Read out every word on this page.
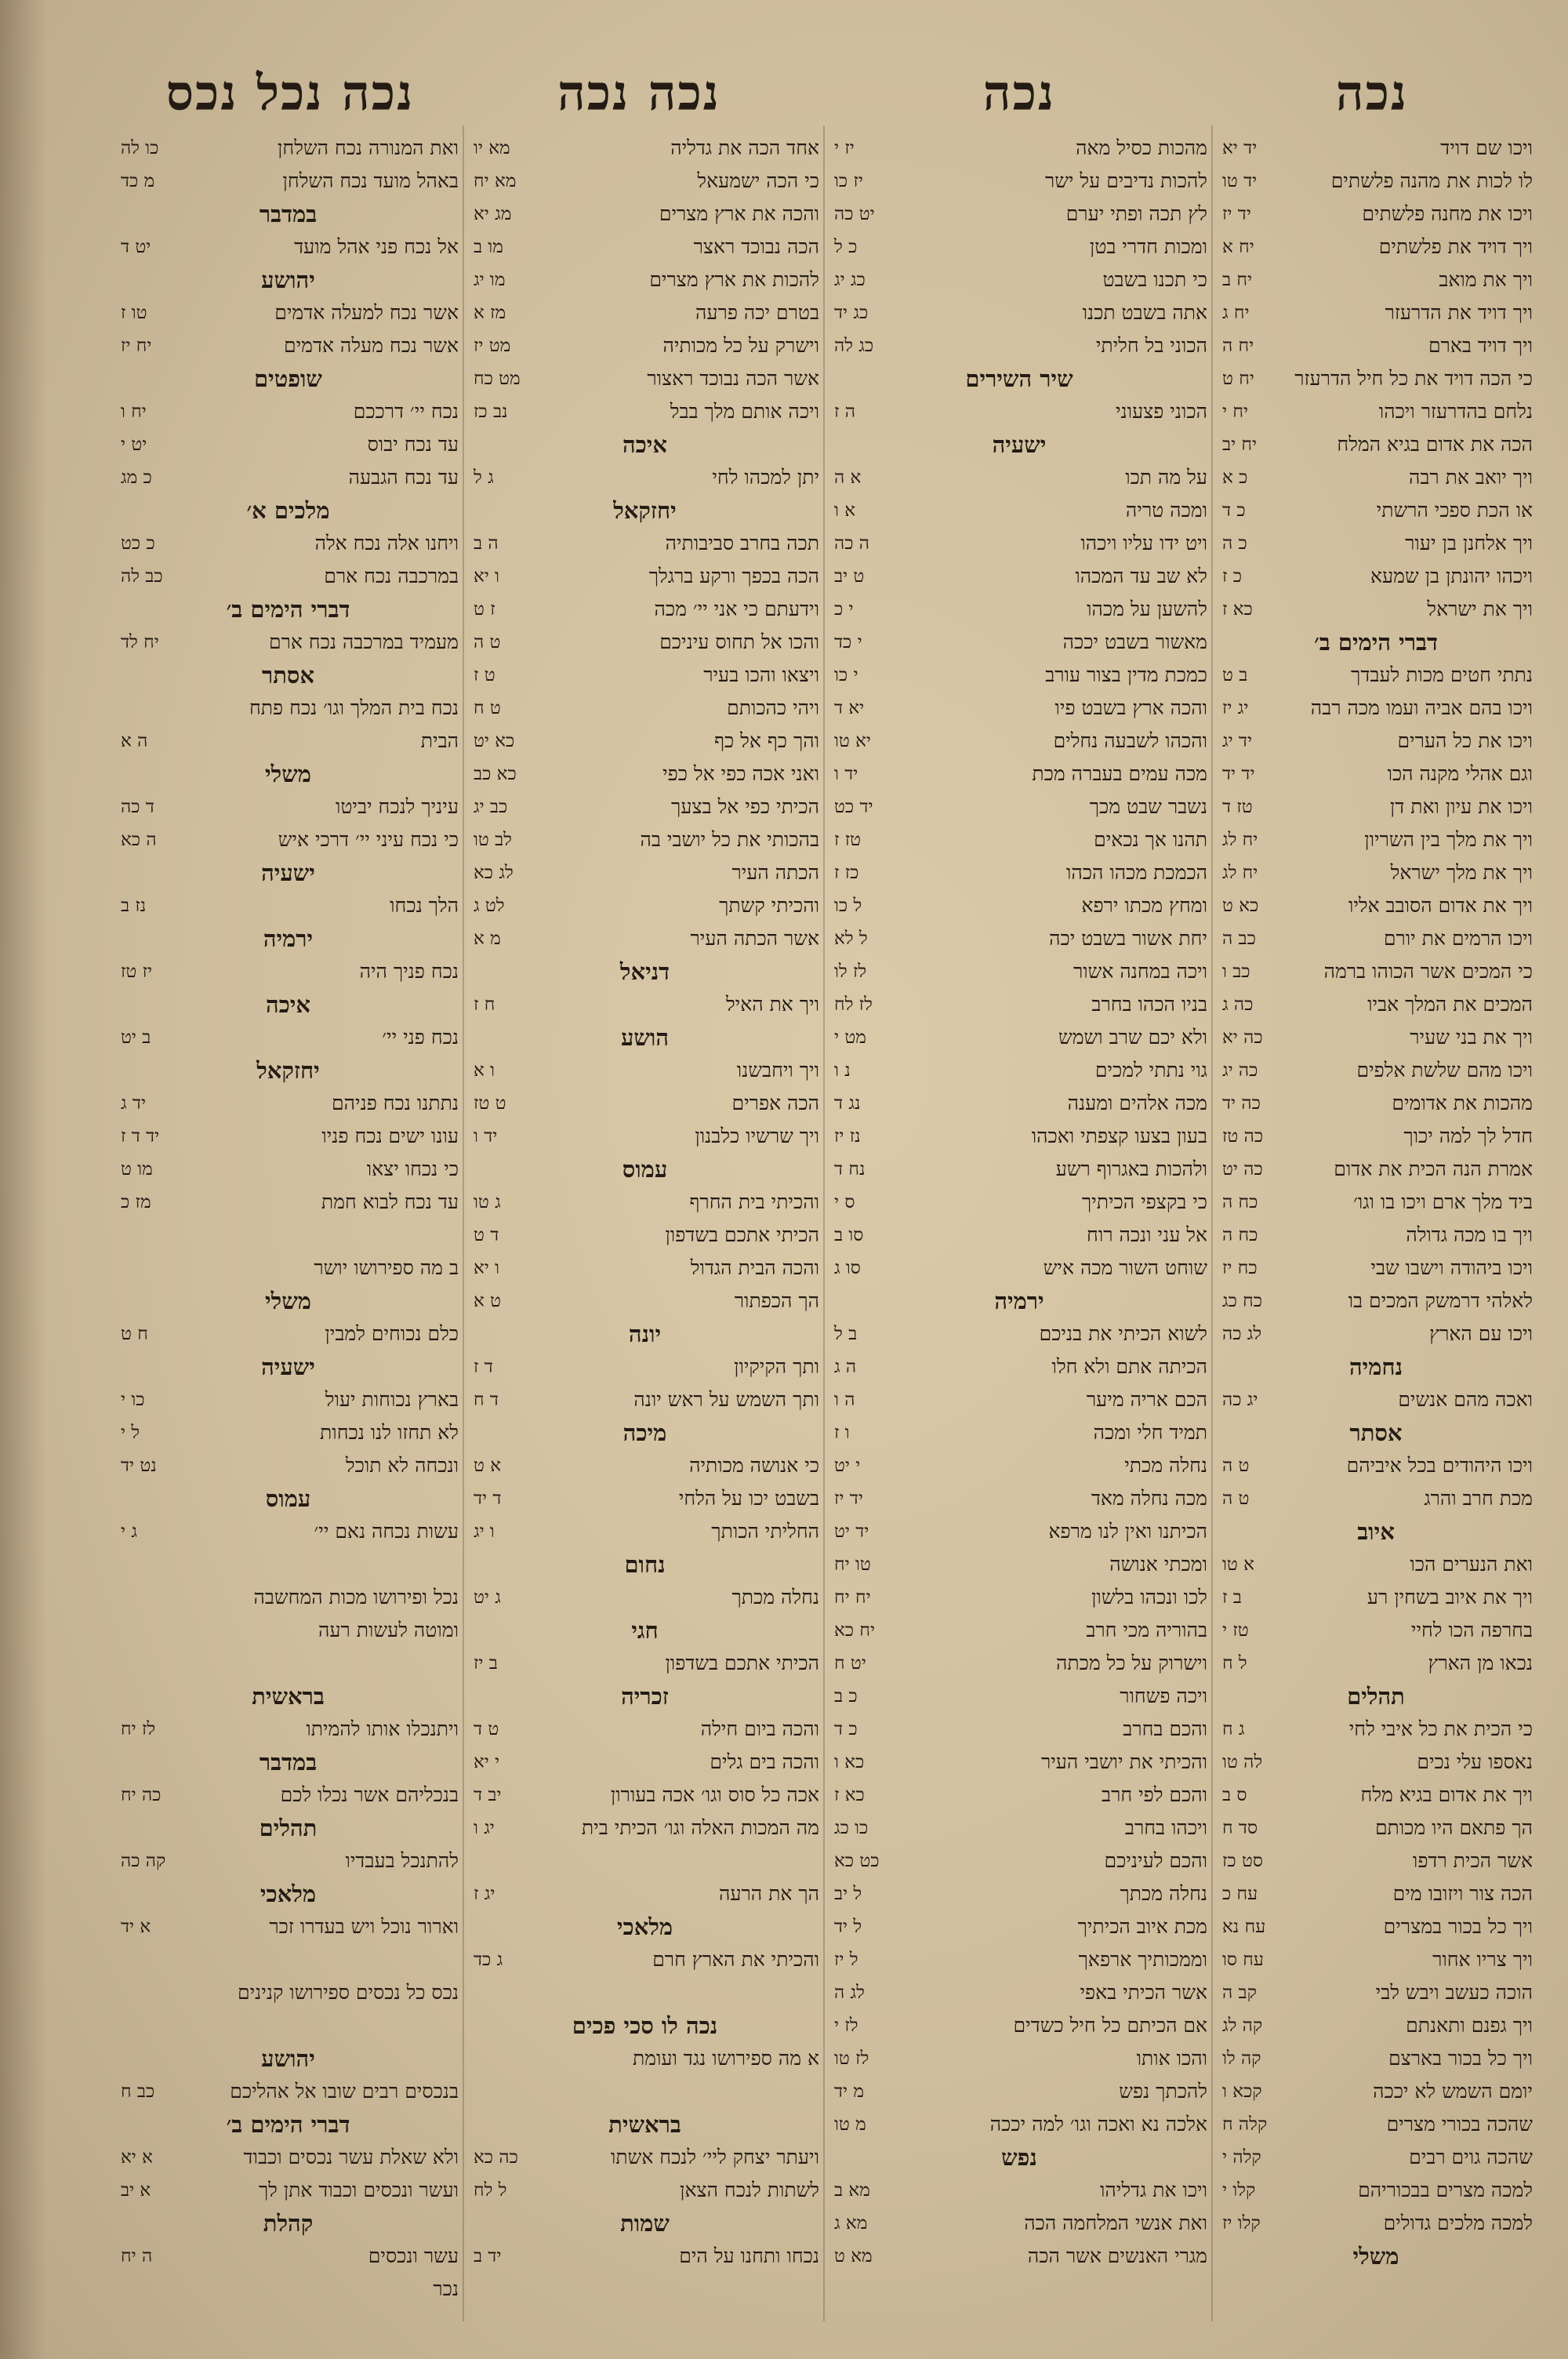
נכה
נכה
נכה נכה
נכה נכל נכס
ויכו שם דויד
יד יא
לו לכות את מהנה פלשתים
יד טו
ויכו את מחנה פלשתים
יד יז
ויך דויד את פלשתים
יח א
ויך את מואב
יח ב
ויך דויד את הדרעזר
יח ג
ויך דויד בארם
יח ה
כי הכה דויד את כל חיל הדרעזר
יח ט
נלחם בהדרעזר ויכהו
יח י
הכה את אדום בגיא המלח
יח יב
ויך יואב את רבה
כ א
או הכת ספכי הרשתי
כ ד
ויך אלחנן בן יעור
כ ה
ויכהו יהונתן בן שמעא
כ ז
ויך את ישראל
כא ז
דברי הימים ב׳
נתתי חטים מכות לעבדך
ב ט
ויכו בהם אביה ועמו מכה רבה
יג יז
ויכו את כל הערים
יד יג
וגם אהלי מקנה הכו
יד יד
ויכו את עיון ואת דן
טז ד
ויך את מלך בין השריון
יח לג
ויך את מלך ישראל
יח לג
ויך את אדום הסובב אליו
כא ט
ויכו הרמים את יורם
כב ה
כי המכים אשר הכוהו ברמה
כב ו
המכים את המלך אביו
כה ג
ויך את בני שעיר
כה יא
ויכו מהם שלשת אלפים
כה יג
מהכות את אדומים
כה יד
חדל לך למה יכוך
כה טז
אמרת הנה הכית את אדום
כה יט
ביד מלך ארם ויכו בו וגו׳
כח ה
ויך בו מכה גדולה
כח ה
ויכו ביהודה וישבו שבי
כח יז
לאלהי דרמשק המכים בו
כח כג
ויכו עם הארץ
לג כה
נחמיה
ואכה מהם אנשים
יג כה
אסתר
ויכו היהודים בכל איביהם
ט ה
מכת חרב והרג
ט ה
איוב
ואת הנערים הכו
א טו
ויך את איוב בשחין רע
ב ז
בחרפה הכו לחיי
טז י
נכאו מן הארץ
ל ח
תהלים
כי הכית את כל איבי לחי
ג ח
נאספו עלי נכים
לה טו
ויך את אדום בגיא מלח
ס ב
הך פתאם היו מכותם
סד ח
אשר הכית רדפו
סט כז
הכה צור ויזובו מים
עח כ
ויך כל בכור במצרים
עח נא
ויך צריו אחור
עח סו
הוכה כעשב ויבש לבי
קב ה
ויך גפנם ותאנתם
קה לג
ויך כל בכור בארצם
קה לו
יומם השמש לא יככה
קכא ו
שהכה בכורי מצרים
קלה ח
שהכה גוים רבים
קלה י
למכה מצרים בבכוריהם
קלו י
למכה מלכים גדולים
קלו יז
משלי
מהכות כסיל מאה
יז י
להכות נדיבים על ישר
יז כו
לץ תכה ופתי יערם
יט כה
ומכות חדרי בטן
כ ל
כי תכנו בשבט
כג יג
אתה בשבט תכנו
כג יד
הכוני בל חליתי
כג לה
שיר השירים
הכוני פצעוני
ה ז
ישעיה
על מה תכו
א ה
ומכה טריה
א ו
ויט ידו עליו ויכהו
ה כה
לא שב עד המכהו
ט יב
להשען על מכהו
י כ
מאשור בשבט יככה
י כד
כמכת מדין בצור עורב
י כו
והכה ארץ בשבט פיו
יא ד
והכהו לשבעה נחלים
יא טו
מכה עמים בעברה מכת
יד ו
נשבר שבט מכך
יד כט
תהנו אך נכאים
טז ז
הכמכת מכהו הכהו
כז ז
ומחץ מכתו ירפא
ל כו
יחת אשור בשבט יכה
ל לא
ויכה במחנה אשור
לז לו
בניו הכהו בחרב
לז לח
ולא יכם שרב ושמש
מט י
גוי נתתי למכים
נ ו
מכה אלהים ומענה
נג ד
בעון בצעו קצפתי ואכהו
נז יז
ולהכות באגרוף רשע
נח ד
כי בקצפי הכיתיך
ס י
אל עני ונכה רוח
סו ב
שוחט השור מכה איש
סו ג
ירמיה
לשוא הכיתי את בניכם
ב ל
הכיתה אתם ולא חלו
ה ג
הכם אריה מיער
ה ו
תמיד חלי ומכה
ו ז
נחלה מכתי
י יט
מכה נחלה מאד
יד יז
הכיתנו ואין לנו מרפא
יד יט
ומכתי אנושה
טו יח
לכו ונכהו בלשון
יח יח
בהוריה מכי חרב
יח כא
וישרוק על כל מכתה
יט ח
ויכה פשחור
כ ב
והכם בחרב
כ ד
והכיתי את יושבי העיר
כא ו
והכם לפי חרב
כא ז
ויכהו בחרב
כו כג
והכם לעיניכם
כט כא
נחלה מכתך
ל יב
מכת איוב הכיתיך
ל יד
וממכותיך ארפאך
ל יז
אשר הכיתי באפי
לג ה
אם הכיתם כל חיל כשדים
לז י
והכו אותו
לז טו
להכתך נפש
מ יד
אלכה נא ואכה וגו׳ למה יככה
מ טו
נפש
ויכו את גדליהו
מא ב
ואת אנשי המלחמה הכה
מא ג
מגרי האנשים אשר הכה
מא ט
אחד הכה את גדליה
מא יו
כי הכה ישמעאל
מא יח
והכה את ארץ מצרים
מג יא
הכה נבוכד ראצר
מו ב
להכות את ארץ מצרים
מו יג
בטרם יכה פרעה
מז א
וישרק על כל מכותיה
מט יז
אשר הכה נבוכד ראצור
מט כח
ויכה אותם מלך בבל
נב כז
איכה
יתן למכהו לחי
ג ל
יחזקאל
תכה בחרב סביבותיה
ה ב
הכה בכפך ורקע ברגלך
ו יא
וידעתם כי אני יי׳ מכה
ז ט
והכו אל תחוס עיניכם
ט ה
ויצאו והכו בעיר
ט ז
ויהי כהכותם
ט ח
והך כף אל כף
כא יט
ואני אכה כפי אל כפי
כא כב
הכיתי כפי אל בצעך
כב יג
בהכותי את כל יושבי בה
לב טו
הכתה העיר
לג כא
והכיתי קשתך
לט ג
אשר הכתה העיר
מ א
דניאל
ויך את האיל
ח ז
הושע
ויך ויחבשנו
ו א
הכה אפרים
ט טז
ויך שרשיו כלבנון
יד ו
עמוס
והכיתי בית החרף
ג טו
הכיתי אתכם בשדפון
ד ט
והכה הבית הגדול
ו יא
הך הכפתור
ט א
יונה
ותך הקיקיון
ד ז
ותך השמש על ראש יונה
ד ח
מיכה
כי אנושה מכותיה
א ט
בשבט יכו על הלחי
ד יד
החליתי הכותך
ו יג
נחום
נחלה מכתך
ג יט
חגי
הכיתי אתכם בשדפון
ב יז
זכריה
והכה ביום חילה
ט ד
והכה בים גלים
י יא
אכה כל סוס וגו׳ אכה בעורון
יב ד
מה המכות האלה וגו׳ הכיתי בית
יג ו
הך את הרעה
יג ז
מלאכי
והכיתי את הארץ חרם
ג כד
נכה לו סכי פכים
א מה ספירושו נגד ועומת
בראשית
ויעתר יצחק ליי׳ לנכח אשתו
כה כא
לשתות לנכח הצאן
ל לח
שמות
נכחו ותחנו על הים
יד ב
ואת המנורה נכח השלחן
כו לה
באהל מועד נכח השלחן
מ כד
במדבר
אל נכח פני אהל מועד
יט ד
יהושע
אשר נכח למעלה אדמים
טו ז
אשר נכח מעלה אדמים
יח יז
שופטים
נכח יי׳ דרככם
יח ו
עד נכח יבוס
יט י
עד נכח הגבעה
כ מג
מלכים א׳
ויחנו אלה נכח אלה
כ כט
במרכבה נכח ארם
כב לה
דברי הימים ב׳
מעמיד במרכבה נכח ארם
יח לד
אסתר
נכח בית המלך וגו׳ נכח פתח
הבית
ה א
משלי
עיניך לנכח יביטו
ד כה
כי נכח עיני יי׳ דרכי איש
ה כא
ישעיה
הלך נכחו
נז ב
ירמיה
נכח פניך היה
יז טז
איכה
נכח פני יי׳
ב יט
יחזקאל
נתתנו נכח פניהם
יד ג
עונו ישים נכח פניו
יד ד ז
כי נכחו יצאו
מו ט
עד נכח לבוא חמת
מז כ
ב מה ספירושו יושר
משלי
כלם נכוחים למבין
ח ט
ישעיה
בארץ נכוחות יעול
כו י
לא תחזו לנו נכחות
ל י
ונכחה לא תוכל
נט יד
עמוס
עשות נכחה נאם יי׳
ג י
נכל ופירושו מכות המחשבה
ומוטה לעשות רעה
בראשית
ויתנכלו אותו להמיתו
לז יח
במדבר
בנכליהם אשר נכלו לכם
כה יח
תהלים
להתנכל בעבדיו
קה כה
מלאכי
וארור נוכל ויש בעדרו זכר
א יד
נכס כל נכסים ספירושו קנינים
יהושע
בנכסים רבים שובו אל אהליכם
כב ח
דברי הימים ב׳
ולא שאלת עשר נכסים וכבוד
א יא
ועשר ונכסים וכבוד אתן לך
א יב
קהלת
עשר ונכסים
ה יח
נכר
